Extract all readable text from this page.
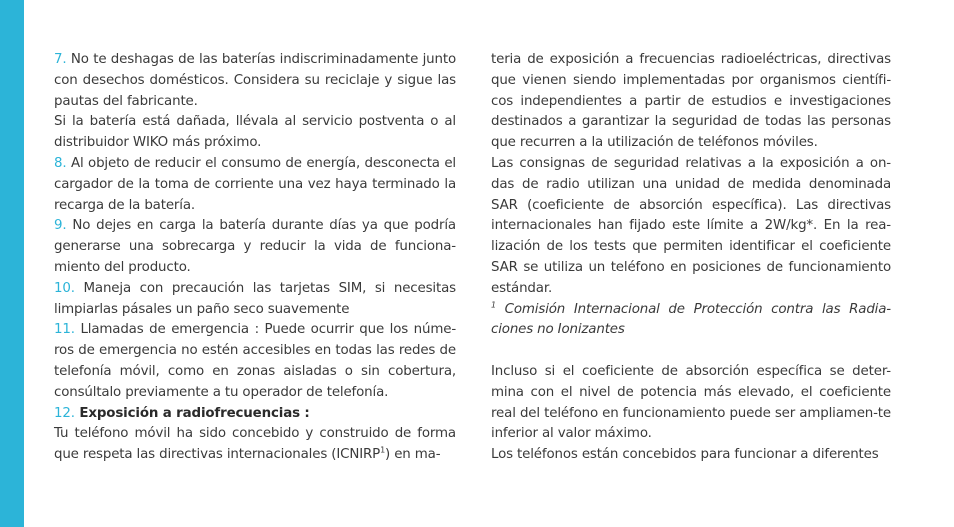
7. No te deshagas de las baterías indiscriminadamente junto con desechos domésticos. Considera su reciclaje y sigue las pautas del fabricante.

Si la batería está dañada, llévala al servicio postventa o al distribuidor WIKO más próximo.

8. Al objeto de reducir el consumo de energía, desconecta el cargador de la toma de corriente una vez haya terminado la recarga de la batería.

9. No dejes en carga la batería durante días ya que podría generarse una sobrecarga y reducir la vida de funciona-miento del producto.

10. Maneja con precaución las tarjetas SIM, si necesitas limpiarlas pásales un paño seco suavemente

11. Llamadas de emergencia : Puede ocurrir que los núme-ros de emergencia no estén accesibles en todas las redes de telefonía móvil, como en zonas aisladas o sin cobertura, consúltalo previamente a tu operador de telefonía.

12. Exposición a radiofrecuencias :

Tu teléfono móvil ha sido concebido y construido de forma que respeta las directivas internacionales (ICNIRP$^1$) en ma-

teria de exposición a frecuencias radioeléctricas, directivas que vienen siendo implementadas por organismos científi-cos independientes a partir de estudios e investigaciones destinados a garantizar la seguridad de todas las personas que recurren a la utilización de teléfonos móviles.

Las consignas de seguridad relativas a la exposición a on-das de radio utilizan una unidad de medida denominada SAR (coeficiente de absorción específica). Las directivas internacionales han fijado este límite a 2W/kg*. En la rea-lización de los tests que permiten identificar el coeficiente SAR se utiliza un teléfono en posiciones de funcionamiento estándar.

$^1$ Comisión Internacional de Protección contra las Radia-ciones no Ionizantes

Incluso si el coeficiente de absorción específica se deter-mina con el nivel de potencia más elevado, el coeficiente real del teléfono en funcionamiento puede ser ampliamen-te inferior al valor máximo.

Los teléfonos están concebidos para funcionar a diferentes
